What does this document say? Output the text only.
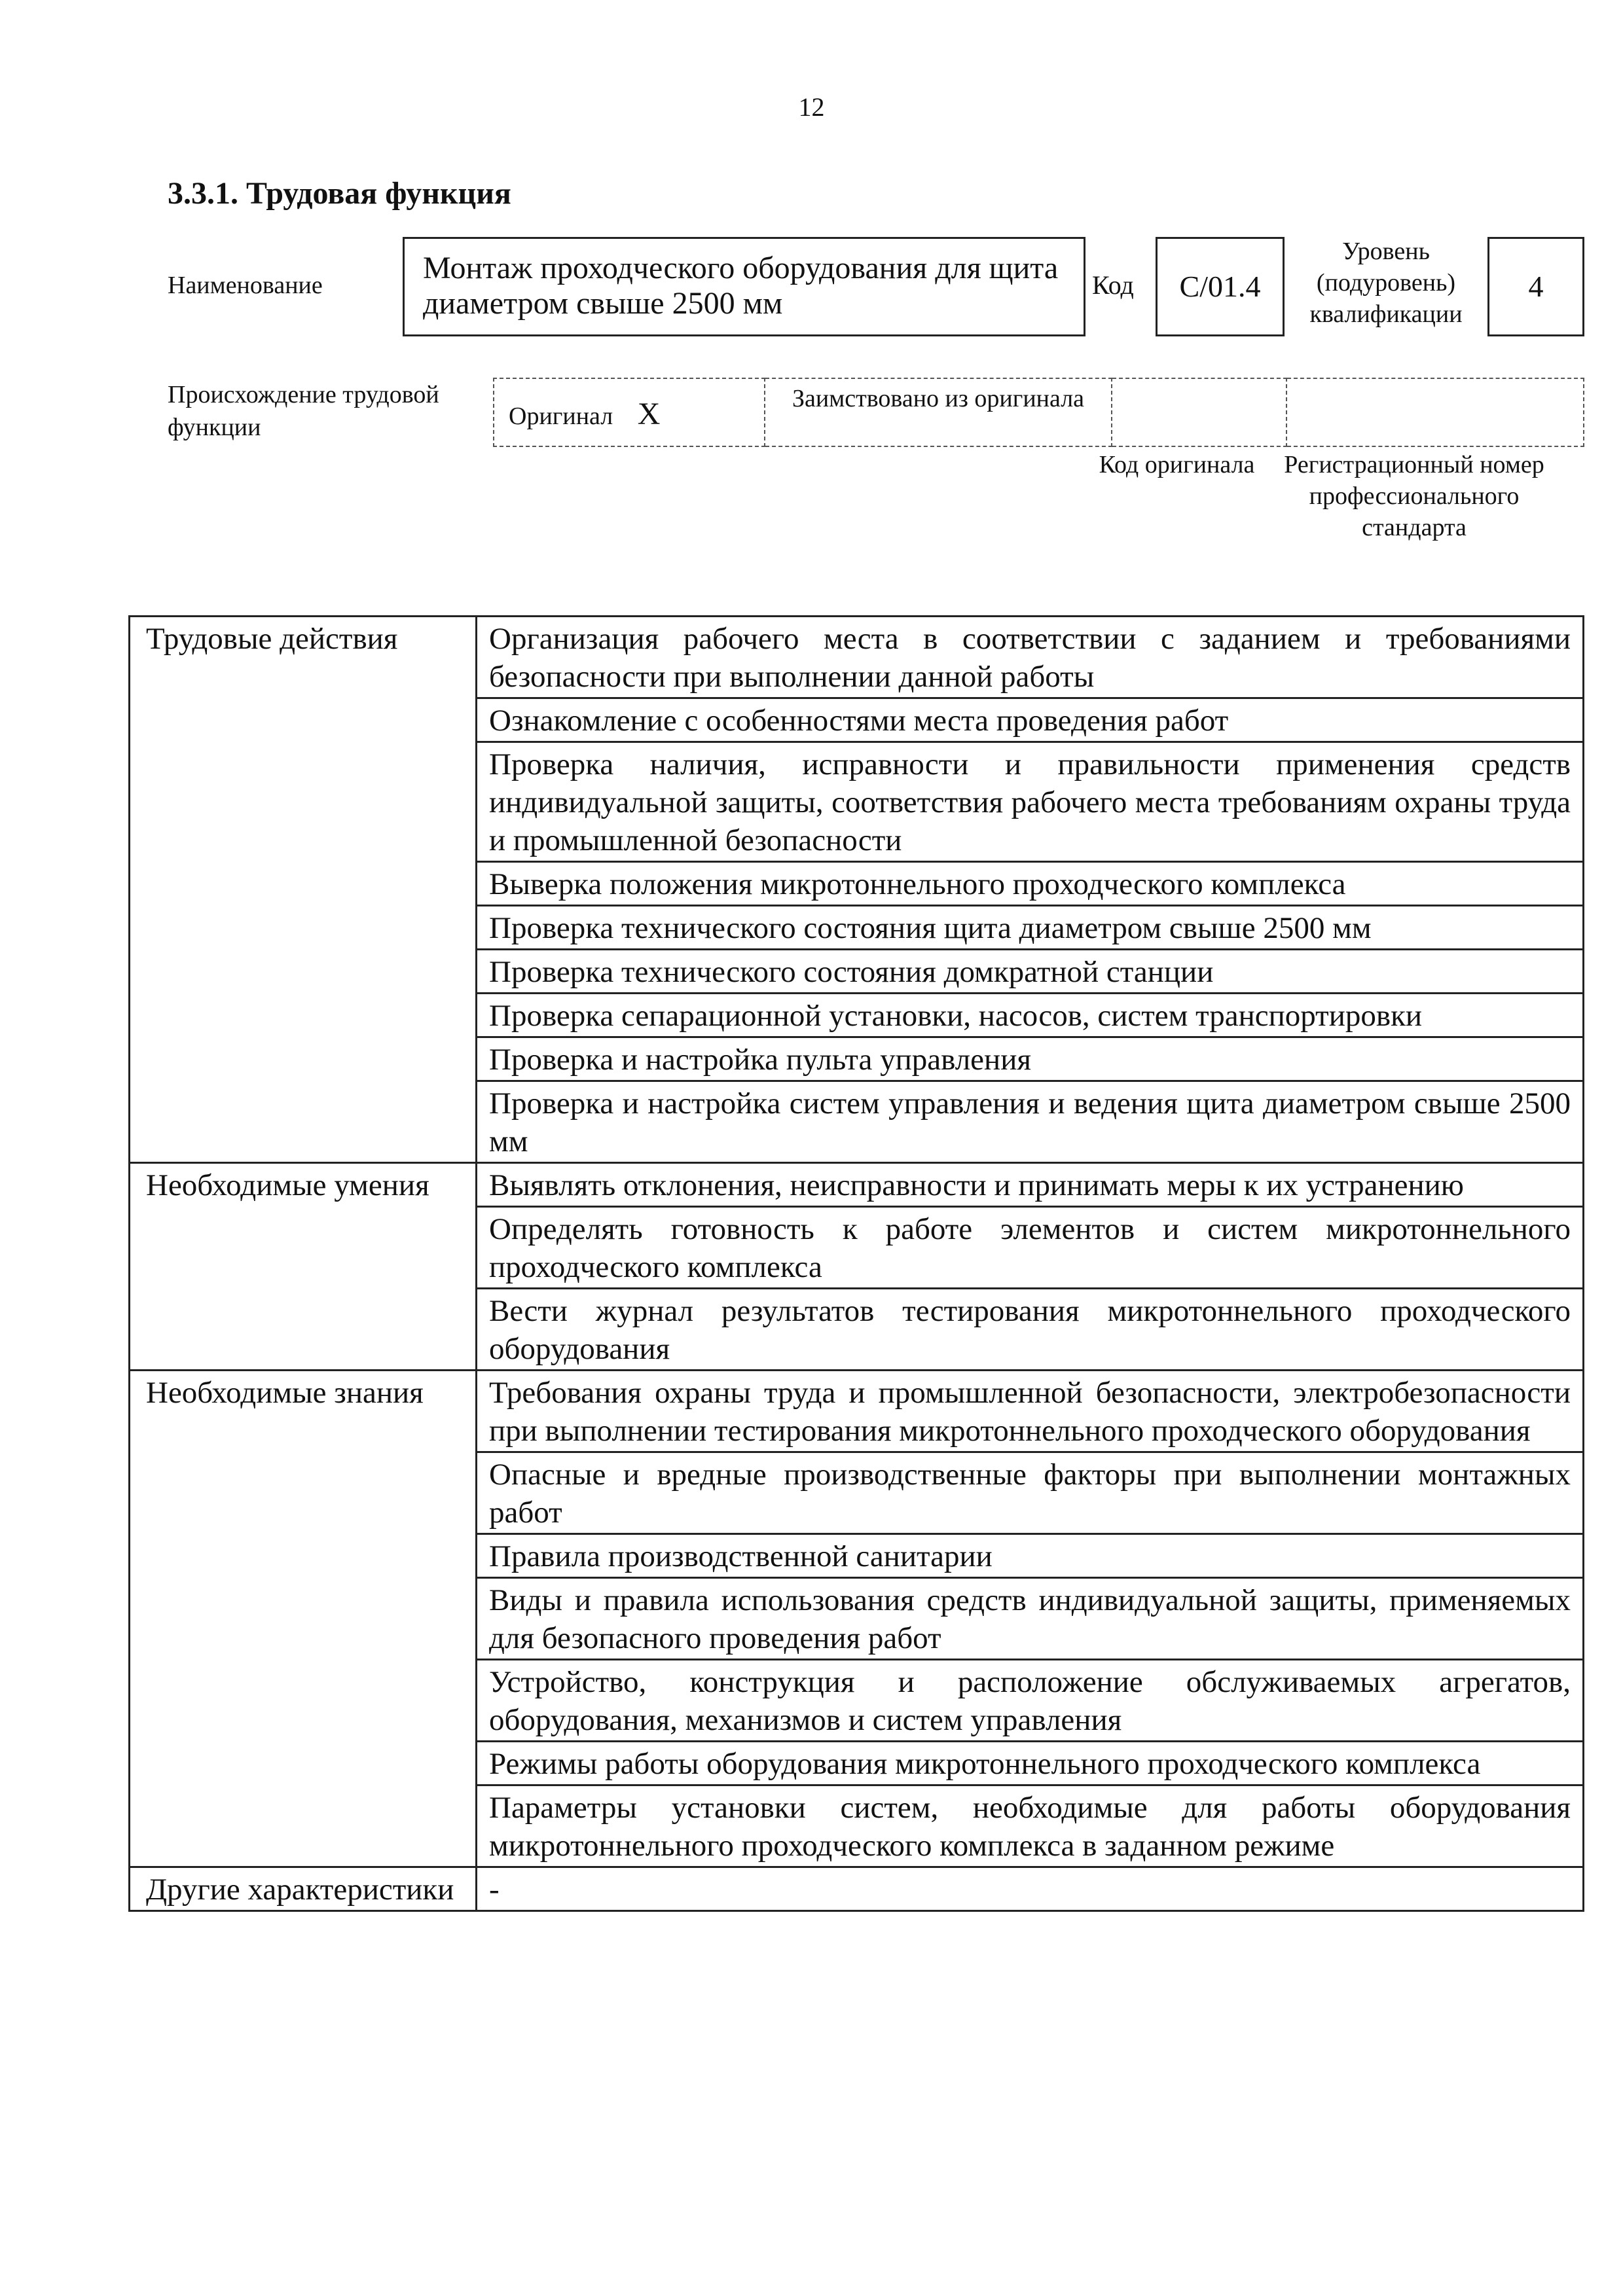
12
3.3.1. Трудовая функция
Наименование	Монтаж проходческого оборудования для щита диаметром свыше 2500 мм
Код	C/01.4
Уровень (подуровень) квалификации
4
Происхождение трудовой функции	Оригинал X	Заимствовано из оригинала

Код оригинала	Регистрационный номер профессионального стандарта
Трудовые действия	Организация рабочего места в соответствии с заданием и требованиями безопасности при выполнении данной работы
	Ознакомление с особенностями места проведения работ
	Проверка наличия, исправности и правильности применения средств индивидуальной защиты, соответствия рабочего места требованиям охраны труда и промышленной безопасности
	Выверка положения микротоннельного проходческого комплекса
	Проверка технического состояния щита диаметром свыше 2500 мм
	Проверка технического состояния домкратной станции
	Проверка сепарационной установки, насосов, систем транспортировки
	Проверка и настройка пульта управления
	Проверка и настройка систем управления и ведения щита диаметром свыше 2500 мм
Необходимые умения	Выявлять отклонения, неисправности и принимать меры к их устранению
	Определять готовность к работе элементов и систем микротоннельного проходческого комплекса
	Вести журнал результатов тестирования микротоннельного проходческого оборудования
Необходимые знания	Требования охраны труда и промышленной безопасности, электробезопасности при выполнении тестирования микротоннельного проходческого оборудования
	Опасные и вредные производственные факторы при выполнении монтажных работ
	Правила производственной санитарии
	Виды и правила использования средств индивидуальной защиты, применяемых для безопасного проведения работ
	Устройство, конструкция и расположение обслуживаемых агрегатов, оборудования, механизмов и систем управления
	Режимы работы оборудования микротоннельного проходческого комплекса
	Параметры установки систем, необходимые для работы оборудования микротоннельного проходческого комплекса в заданном режиме
Другие характеристики	-
